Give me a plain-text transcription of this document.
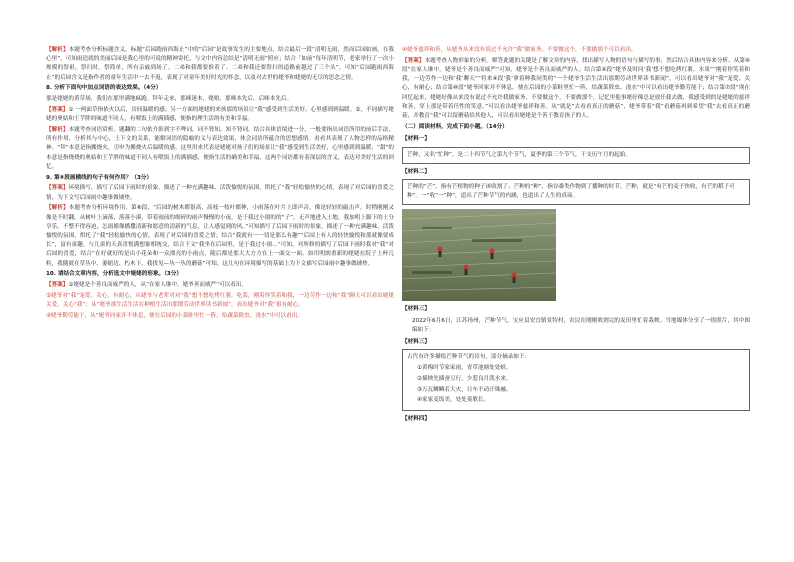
【解析】本题考查分析标题含义。标题“后园跑雨西海止”中的“后园”是故事发生的主要地点，结合最后一段“清明无雨，然而后园如画，在我心里”，可知雨造就的美丽后园是我心里的可说的精神寄托，与文中内容总结是“清明无雨”照应；结合「如前“每年清明节，老家举行了一次小规模的祭祖，祭扫时，祭简单，所有亲戚到场了。二弟和我都要推着了。二弟和我还要祭扫的道路前越过了三个头”，可知“后园跑雨西海止”的后园含义是指作者的童年生活中一去不返，表现了对童年美好时光的怀念，以及对去世的姥爷和姥姥的无尽的思念之情。
8. 分析下面句中加点词语的表达效果。（4分）
那是姥姥的黄草场，我们在那里满地疯跑。拜年走来，那咪迷本，姥娘，那咪本先后，后咪本先后。
【答案】① 一两面草指依火以后，房间温暖的感；另一方面的姥姥的来孩那的场景让“我”感受到生活美好，心里感到到温暖。②，不同描写姥姥的奥姑和王芋胖的味道不同人，有喂饭上的满插感，便指的理生活的有美和幸福。
【解析】本题考查词语赏析。题翻的二句依介影到字不哗词，词不肾知，知不肾词，结合具体语境进一分，一般要指出词语所用的前后手法，所有作用，分析其与中心，上下文的关系，能解词语的隐喻的义与表达效果，体会词语所蕴含的思想感情。看看其表现了人物怎样的品格精神。“拜”本意是指搬烧火，引申为搬烧火后温暖的感，这里用来代表是姥姥对孩子们的场景让“我”感受到生活美好，心里感到到温暖；“甜”的本意是指烧烧的奥姑和王芋胖的味道不同人有喂饭上的满插感，便指生活的确美和幸福，这两个词语都有着深层的含义，表达对美好生活的回忆。
9. 第⑧段画横线的句子有何作用？（3分）
【答案】环境描写，描写了后园下雨时的景象，描述了一种充满趣味、活泼愉悦的氛围，烘托了“我”轻松愉快的心情，表现了对后园的喜爱之情，为下文写后园雨中趣事做铺垫。
【解析】本题考查分析环境作用。第⑧段，“后园的树木都很高，高枝一枝叶都伸，小雨落在叶片上即声音，像是轻轻的敲击声。时稍刚刚又像是不时翻，从树叶上滴落，落落小溪，带着雨前的细碎的雨声慢慢的小夜，是于我过小窗的的“子”，无声地进入土地，我加明上脚下的土分享乐，不整不得容迫，怎雨都像播撒清新和愿意的清新的气息，让人感觉到的风。”可知描写了后园下雨时的景象，描述了一种充满趣味、活泼愉悦的氛围，烘托了“我”轻松愉快的心情，表现了对后园的喜爱之情；结合“我就有一一切是那么有趣”“后园上有人的轻快愉悦和那就像要成长”，富有童趣，与儿童的天真喜悦满想象相统交，结合下文“我坐在后园里，是于我过小窗…”可知，对所修的描写了后园下雨时我对“我”对后园的喜爱，结合“在好就好的是出小花朵和一众漂亮的小雨点，随后都是那大大方方在上一面交一面。如用明朗重新的姥姥在院子上杯几粒，我随就在草丛中、萎缩边、朽木下，我找见—丛一丛的蘑菇”可知，这几句在环境描写的基础上为下文描写后园雨中趣事做铺垫。
10. 请结合文章内容，分析选文中姥姥的形象。（3分）
【答案】①姥姥是个善良而威严的人，从“在家人继中，姥爷善而威严”可以看出。
②姥爷对“我”宠爱、关心，有耐心，从姥爷与老辈对对“我”想不想吃烤红薯，吃菜，刚着你笑着和我，一边劳作一边和“我”聊天可以看出姥姥关爱、关心“我”；从“姥爷那生活生活在种植生活出那期劳动世界读书新闻”，看出姥爷对“我”很有耐心。
③姥爷勤劳能干，从“姥爷同家并不休息，便在后园的小菜畦里忙一阵，给蔬菜除虫、浇水”中可以看出。
④姥爷慈祥和善，从姥爷从来没有说过不允许“我”做家务，不要做这个，不要做那个可以看出。
【答案】本题考查人物形象的分析。解答此题的关键是了解文章的内容，找出描写人物的语句与描写的事，然后结合具体内容来分析。从第⑥段“在家人继中，姥爷是个善良而威严”可知，姥爷是个善良而威严的人；结合第④段“姥爷及时问‘我’想不想吃烤红薯，水果”“刚着你笑着和我，一边劳作一边和‘我’聊天”“将来④段‘我’拿着种我同类的“一个姥爷生活生活出那期劳动世界读书新闻”，可以看出姥爷对“我”宠爱、关心，有耐心；结合第⑩段“姥爷回家并不休息，便在后园的小菜畦里忙一阵，给蔬菜除虫、浇水”中可以看出姥爷勤劳能干；结合第⑦段“现在回忆起来，姥姥好像从来没有说过不允许我做家务，不要做这个，不要做那个，记忆里他事姥好像总是放任我去做，我感受到的是姥姥的慈祥和善，穿上那是带着任性的笑意。”可以看出姥爷慈祥和善。从“就是”去看看真正的蘑菇”，姥爷带着“我”看蘑菇再到希望“我”去看真正的蘑菇，并教育“我”可以留蘑菇给其他人，可以看出姥姥是个善于教育孩子的人。
（二）阅读材料，完成下面小题。（14分）
【材料一】
芒种，又名“忙种”，是二十四节气之第九个节气，夏季的第三个节气，干支历午月的起始。
【材料二】
芒种的“芒”，指有芒植物的种子该收割了；芒种的“种”，指谷黍类作物到了播种的时节。芒种，就是“有芒的麦子快收，有芒的稻子可种”。一“收”一“种”，道出了芒种节气的内涵，也道出了人生的真谛。
【材料三】
2022年6月6日，江苏扬州，芒种节气，宝应县安宜镇景特村，农民在刚刚收割完的麦田里忙着栽秧。当地媒体分享了一组照片，其中图编如下：
【材料三】
古代有许多描绘芒种节气的诗句，部分摘录如下：
①黄梅时节家家雨，青草池塘处处蛙。
②插秧先插蚕豆行，少惹良月泼水来。
③万瓦鳞鳞若大火，日车不动汗珠融。
④家家麦饭美，处处菱歌长。
【材料四】
